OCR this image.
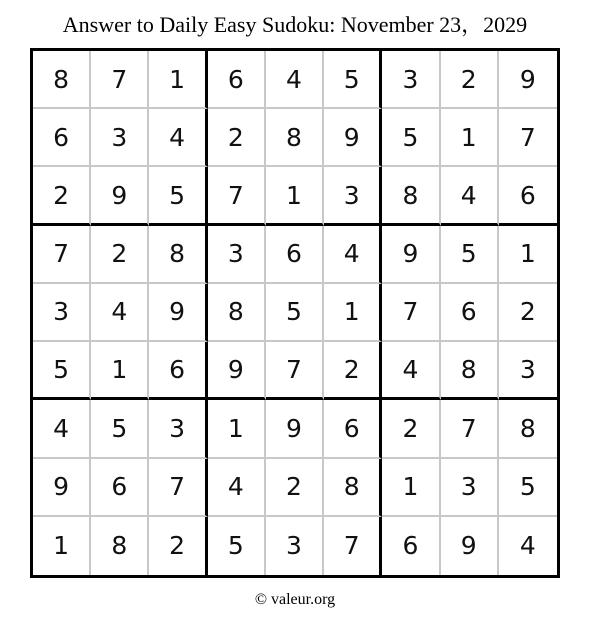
Answer to Daily Easy Sudoku: November 23，2029
8	7	1	6	4	5	3	2	9
6	3	4	2	8	9	5	1	7
2	9	5	7	1	3	8	4	6
7	2	8	3	6	4	9	5	1
3	4	9	8	5	1	7	6	2
5	1	6	9	7	2	4	8	3
4	5	3	1	9	6	2	7	8
9	6	7	4	2	8	1	3	5
1	8	2	5	3	7	6	9	4
© valeur.org
